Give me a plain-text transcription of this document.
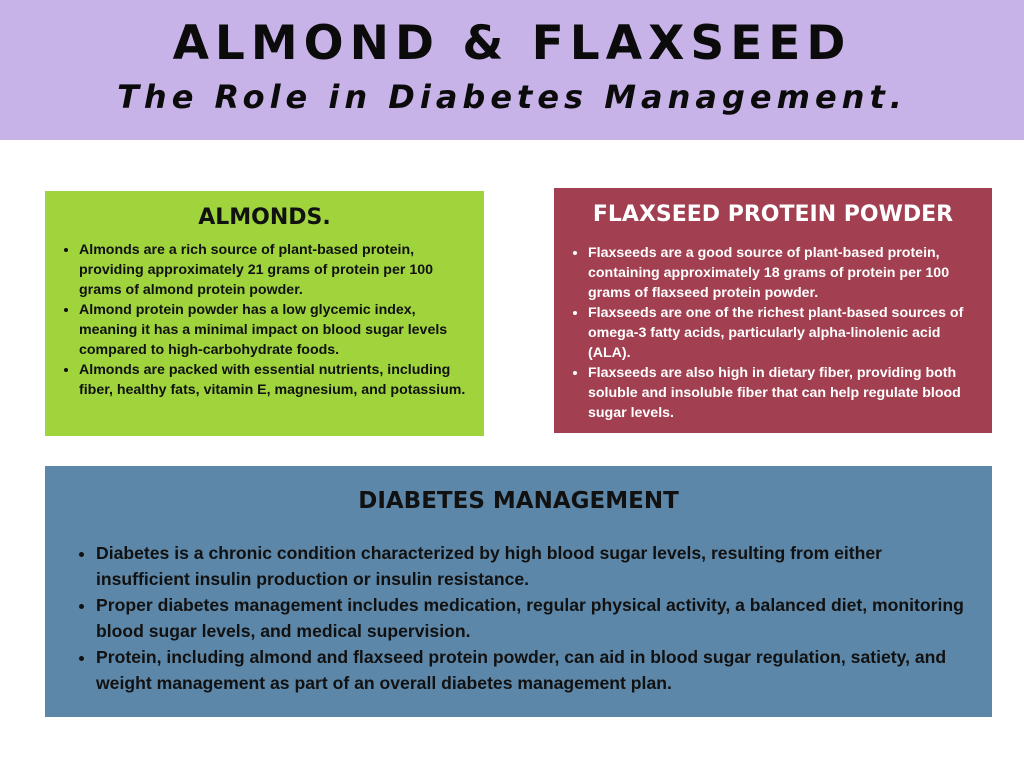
ALMOND & FLAXSEED

The Role in Diabetes Management.

ALMONDS.
• Almonds are a rich source of plant-based protein, providing approximately 21 grams of protein per 100 grams of almond protein powder.
• Almond protein powder has a low glycemic index, meaning it has a minimal impact on blood sugar levels compared to high-carbohydrate foods.
• Almonds are packed with essential nutrients, including fiber, healthy fats, vitamin E, magnesium, and potassium.
FLAXSEED PROTEIN POWDER
• Flaxseeds are a good source of plant-based protein, containing approximately 18 grams of protein per 100 grams of flaxseed protein powder.
• Flaxseeds are one of the richest plant-based sources of omega-3 fatty acids, particularly alpha-linolenic acid (ALA).
• Flaxseeds are also high in dietary fiber, providing both soluble and insoluble fiber that can help regulate blood sugar levels.
DIABETES MANAGEMENT
• Diabetes is a chronic condition characterized by high blood sugar levels, resulting from either insufficient insulin production or insulin resistance.
• Proper diabetes management includes medication, regular physical activity, a balanced diet, monitoring blood sugar levels, and medical supervision.
• Protein, including almond and flaxseed protein powder, can aid in blood sugar regulation, satiety, and weight management as part of an overall diabetes management plan.
